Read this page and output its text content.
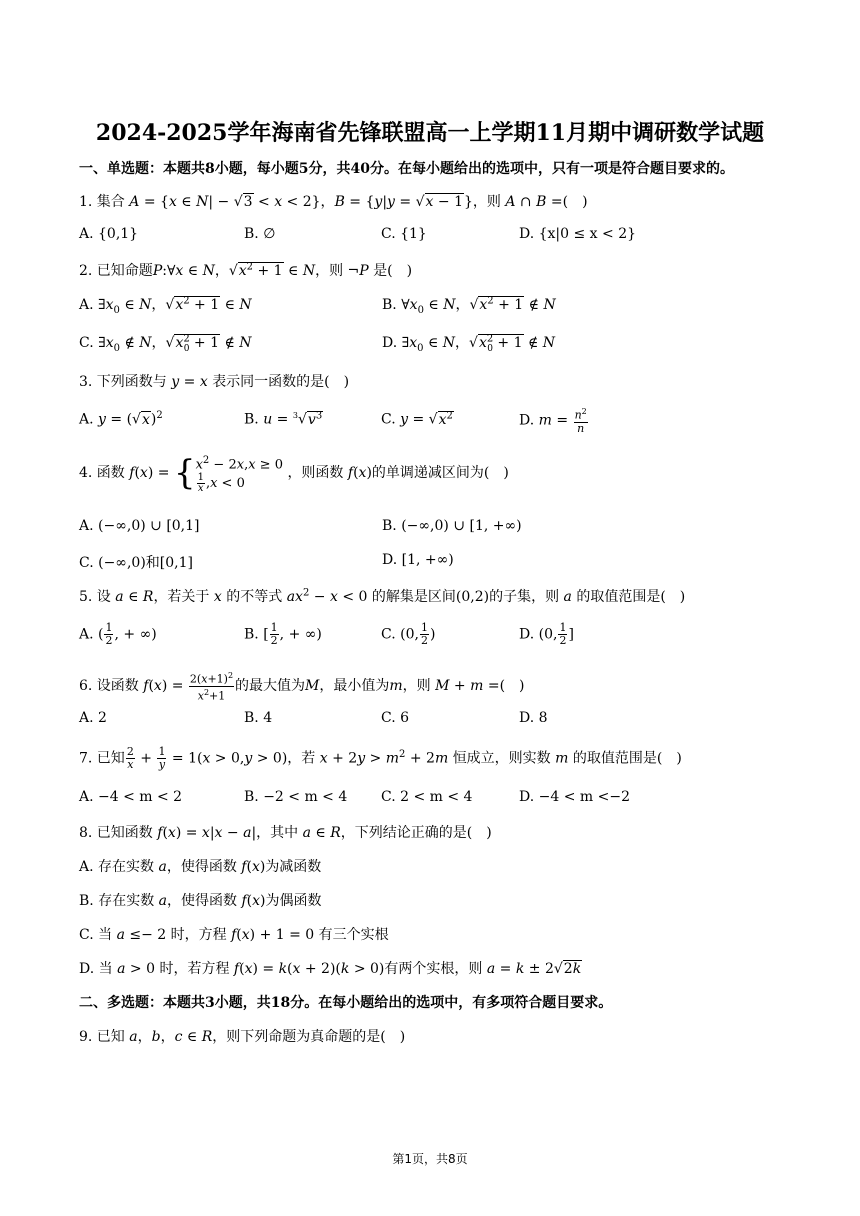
2024-2025学年海南省先锋联盟高一上学期11月期中调研数学试题
一、单选题：本题共8小题，每小题5分，共40分。在每小题给出的选项中，只有一项是符合题目要求的。
1. 集合 A = {x ∈ N| − √3 < x < 2}，B = {y|y = √x − 1}，则 A ∩ B =(　)
A. {0,1}	B. ∅	C. {1}	D. {x|0 ≤ x < 2}
2. 已知命题P:∀x ∈ N，$√x^2 + 1$ ∈ N，则 ¬P 是(　)
A. $\exists x_0$ ∈ N，$√x^2 + 1$ ∈ N	B. $\forall x_0$ ∈ N，$√x^2 + 1$ ∉ N
C. $\exists x_0$ ∉ N，$√x^2_0 + 1$ ∉ N	D. $\exists x_0$ ∈ N，$√x^2_0 + 1$ ∉ N
3. 下列函数与 y = x 表示同一函数的是(　)
A. $y = (√x)^2$	B. $u = ^3√v^3$	C. $y = √x^2$	D. $m = \frac{n^2}{n}$
4. 函数 f(x) = { $x^2 - 2x,x \ge 0$
$\frac{1}{x} ,x < 0$
，则函数 f(x)的单调递减区间为(　)
A. (−∞,0) ∪ [0,1]	B. (−∞,0) ∪ [1, +∞)
C. (−∞,0)和[0,1]	D. [1, +∞)
5. 设 a ∈ R，若关于 x 的不等式 $ax^2 - x < 0$ 的解集是区间(0,2)的子集，则 a 的取值范围是(　)
A. ( $\frac{1}{2}$ , + ∞)	B. [ $\frac{1}{2}$ , + ∞)	C. (0, $\frac{1}{2}$ )	D. (0, $\frac{1}{2}$ ]
6. 设函数 $f(x) = \frac{2(x+1)^2}{x^2+1}$ 的最大值为M，最小值为m，则 M + m =(　)
A. 2	B. 4	C. 6	D. 8
7. 已知 $\frac{2}{x} + \frac{1}{y} = 1(x > 0,y > 0)$，若 $x + 2y > m^2 + 2m$ 恒成立，则实数 m 的取值范围是(　)
A. −4 < m < 2	B. −2 < m < 4 C. 2 < m < 4	D. −4 < m <−2
8. 已知函数 f(x) = x|x − a|，其中 a ∈ R，下列结论正确的是(　)
A. 存在实数 a，使得函数 f(x)为减函数
B. 存在实数 a，使得函数 f(x)为偶函数
C. 当 a ≤− 2 时，方程 f(x) + 1 = 0 有三个实根
D. 当 a > 0 时，若方程 f(x) = k(x + 2)(k > 0)有两个实根，则 a = k ± 2√2k
二、多选题：本题共3小题，共18分。在每小题给出的选项中，有多项符合题目要求。
9. 已知 a，b，c ∈ R，则下列命题为真命题的是(　)
第1页，共8页
